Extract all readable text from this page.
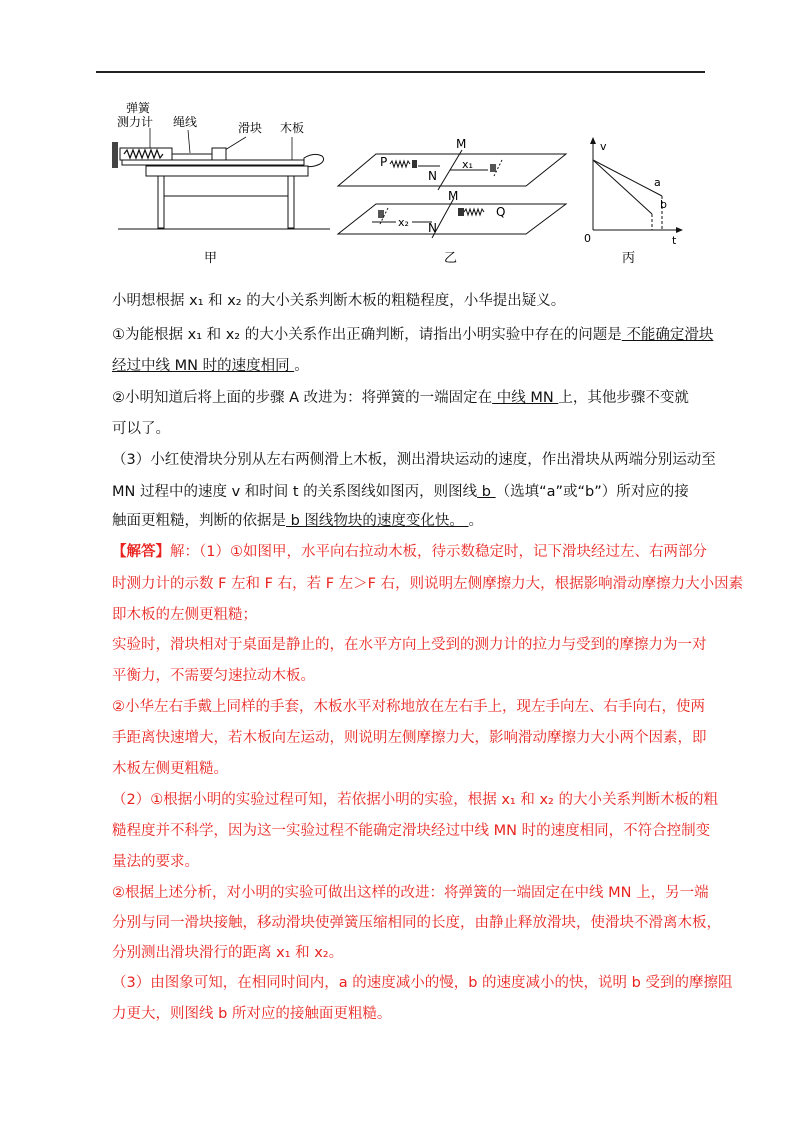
弹簧
测力计 绳线	滑块 木板
甲
M
N
P	x₁
M
N
x₂
Q
乙
v
t
0
a
b
丙
小明想根据 x₁ 和 x₂ 的大小关系判断木板的粗糙程度，小华提出疑义。
①为能根据 x₁ 和 x₂ 的大小关系作出正确判断，请指出小明实验中存在的问题是 不能确定滑块
经过中线 MN 时的速度相同 。
②小明知道后将上面的步骤 A 改进为：将弹簧的一端固定在 中线 MN 上，其他步骤不变就
可以了。
（3）小红使滑块分别从左右两侧滑上木板，测出滑块运动的速度，作出滑块从两端分别运动至
MN 过程中的速度 v 和时间 t 的关系图线如图丙，则图线 b （选填“a”或“b”）所对应的接
触面更粗糙，判断的依据是 b 图线物块的速度变化快。 。
【解答】解：（1）①如图甲，水平向右拉动木板，待示数稳定时，记下滑块经过左、右两部分
时测力计的示数 F 左和 F 右，若 F 左＞F 右，则说明左侧摩擦力大，根据影响滑动摩擦力大小因素
即木板的左侧更粗糙；
实验时，滑块相对于桌面是静止的，在水平方向上受到的测力计的拉力与受到的摩擦力为一对
平衡力，不需要匀速拉动木板。
②小华左右手戴上同样的手套，木板水平对称地放在左右手上，现左手向左、右手向右，使两
手距离快速增大，若木板向左运动，则说明左侧摩擦力大，影响滑动摩擦力大小两个因素，即
木板左侧更粗糙。
（2）①根据小明的实验过程可知，若依据小明的实验，根据 x₁ 和 x₂ 的大小关系判断木板的粗
糙程度并不科学，因为这一实验过程不能确定滑块经过中线 MN 时的速度相同，不符合控制变
量法的要求。
②根据上述分析，对小明的实验可做出这样的改进：将弹簧的一端固定在中线 MN 上，另一端
分别与同一滑块接触，移动滑块使弹簧压缩相同的长度，由静止释放滑块，使滑块不滑离木板，
分别测出滑块滑行的距离 x₁ 和 x₂。
（3）由图象可知，在相同时间内，a 的速度减小的慢，b 的速度减小的快，说明 b 受到的摩擦阻
力更大，则图线 b 所对应的接触面更粗糙。
